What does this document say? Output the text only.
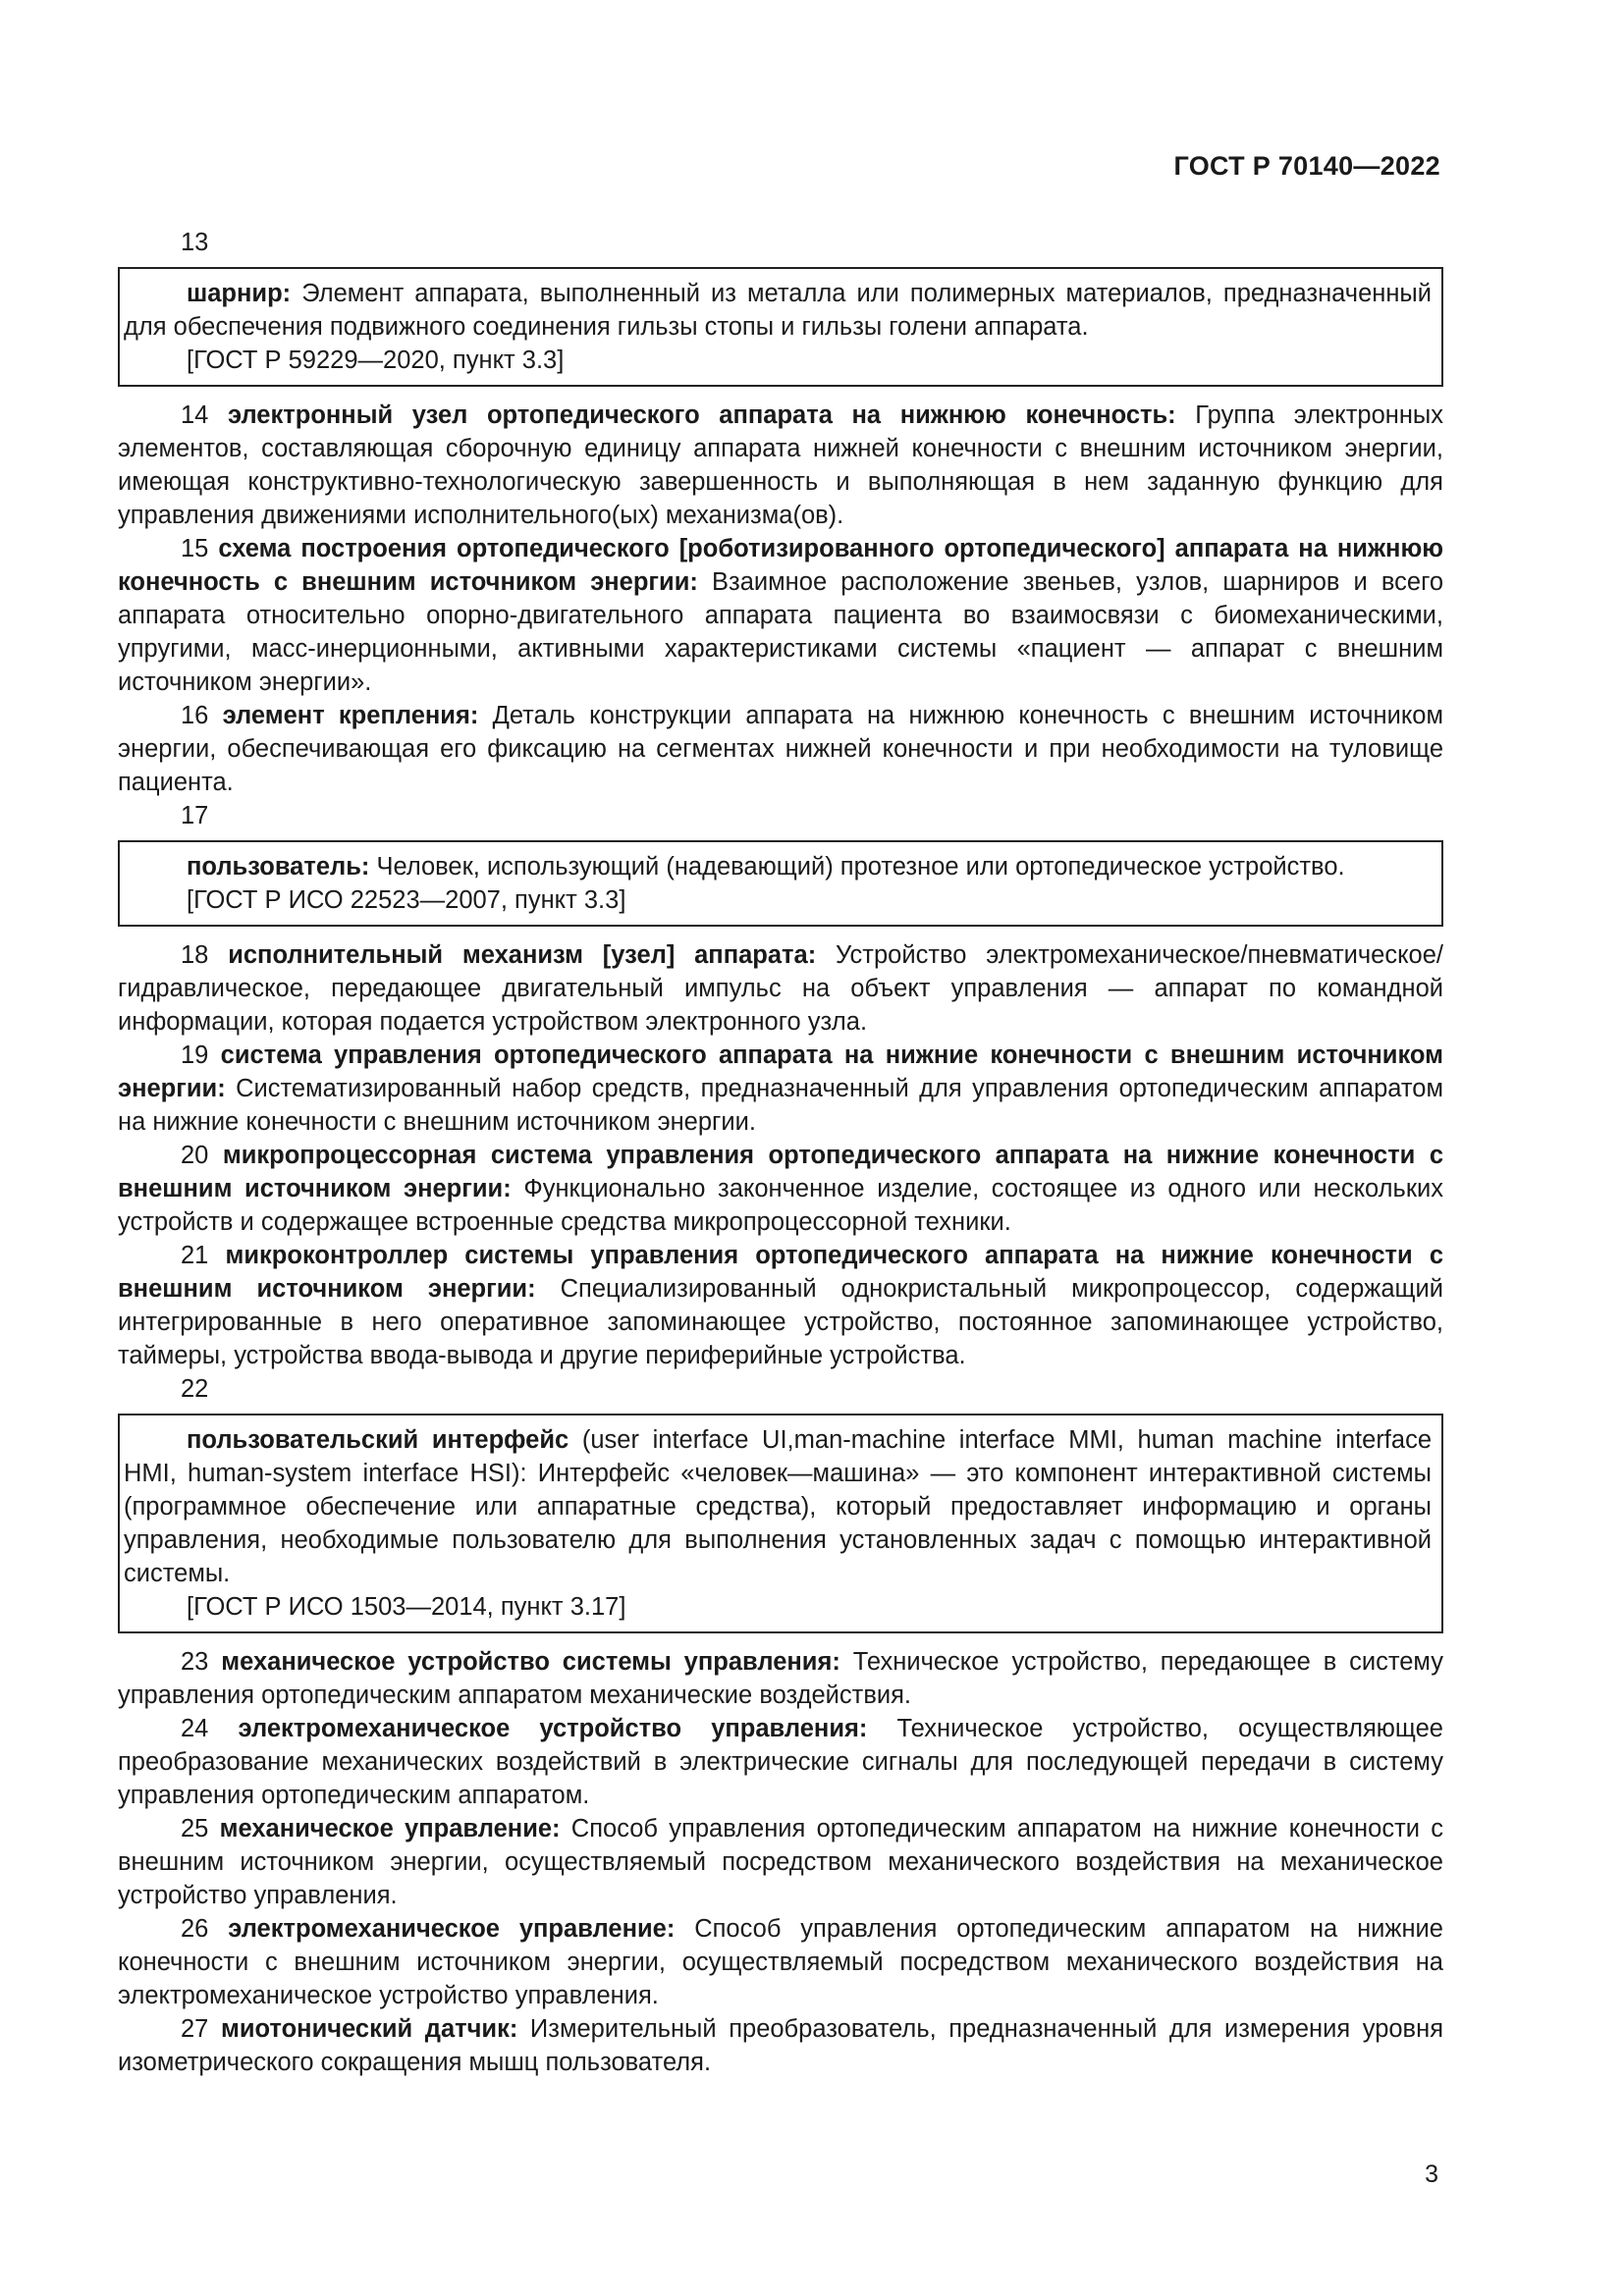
ГОСТ Р 70140—2022
13

шарнир: Элемент аппарата, выполненный из металла или полимерных материалов, предназначенный для обеспечения подвижного соединения гильзы стопы и гильзы голени аппарата.

[ГОСТ Р 59229—2020, пункт 3.3]

14 электронный узел ортопедического аппарата на нижнюю конечность: Группа электронных элементов, составляющая сборочную единицу аппарата нижней конечности с внешним источником энергии, имеющая конструктивно-технологическую завершенность и выполняющая в нем заданную функцию для управления движениями исполнительного(ых) механизма(ов).

15 схема построения ортопедического [роботизированного ортопедического] аппарата на нижнюю конечность с внешним источником энергии: Взаимное расположение звеньев, узлов, шарниров и всего аппарата относительно опорно-двигательного аппарата пациента во взаимосвязи с биомеханическими, упругими, масс-инерционными, активными характеристиками системы «пациент — аппарат с внешним источником энергии».

16 элемент крепления: Деталь конструкции аппарата на нижнюю конечность с внешним источником энергии, обеспечивающая его фиксацию на сегментах нижней конечности и при необходимости на туловище пациента.

17

пользователь: Человек, использующий (надевающий) протезное или ортопедическое устройство.

[ГОСТ Р ИСО 22523—2007, пункт 3.3]

18 исполнительный механизм [узел] аппарата: Устройство электромеханическое/пневматическое/гидравлическое, передающее двигательный импульс на объект управления — аппарат по командной информации, которая подается устройством электронного узла.

19 система управления ортопедического аппарата на нижние конечности с внешним источником энергии: Систематизированный набор средств, предназначенный для управления ортопедическим аппаратом на нижние конечности с внешним источником энергии.

20 микропроцессорная система управления ортопедического аппарата на нижние конечности с внешним источником энергии: Функционально законченное изделие, состоящее из одного или нескольких устройств и содержащее встроенные средства микропроцессорной техники.

21 микроконтроллер системы управления ортопедического аппарата на нижние конечности с внешним источником энергии: Специализированный однокристальный микропроцессор, содержащий интегрированные в него оперативное запоминающее устройство, постоянное запоминающее устройство, таймеры, устройства ввода-вывода и другие периферийные устройства.

22

пользовательский интерфейс (user interface UI,man-machine interface MMI, human machine interface HMI, human-system interface HSI): Интерфейс «человек—машина» — это компонент интерактивной системы (программное обеспечение или аппаратные средства), который предоставляет информацию и органы управления, необходимые пользователю для выполнения установленных задач с помощью интерактивной системы.

[ГОСТ Р ИСО 1503—2014, пункт 3.17]

23 механическое устройство системы управления: Техническое устройство, передающее в систему управления ортопедическим аппаратом механические воздействия.

24 электромеханическое устройство управления: Техническое устройство, осуществляющее преобразование механических воздействий в электрические сигналы для последующей передачи в систему управления ортопедическим аппаратом.

25 механическое управление: Способ управления ортопедическим аппаратом на нижние конечности с внешним источником энергии, осуществляемый посредством механического воздействия на механическое устройство управления.

26 электромеханическое управление: Способ управления ортопедическим аппаратом на нижние конечности с внешним источником энергии, осуществляемый посредством механического воздействия на электромеханическое устройство управления.

27 миотонический датчик: Измерительный преобразователь, предназначенный для измерения уровня изометрического сокращения мышц пользователя.

3
